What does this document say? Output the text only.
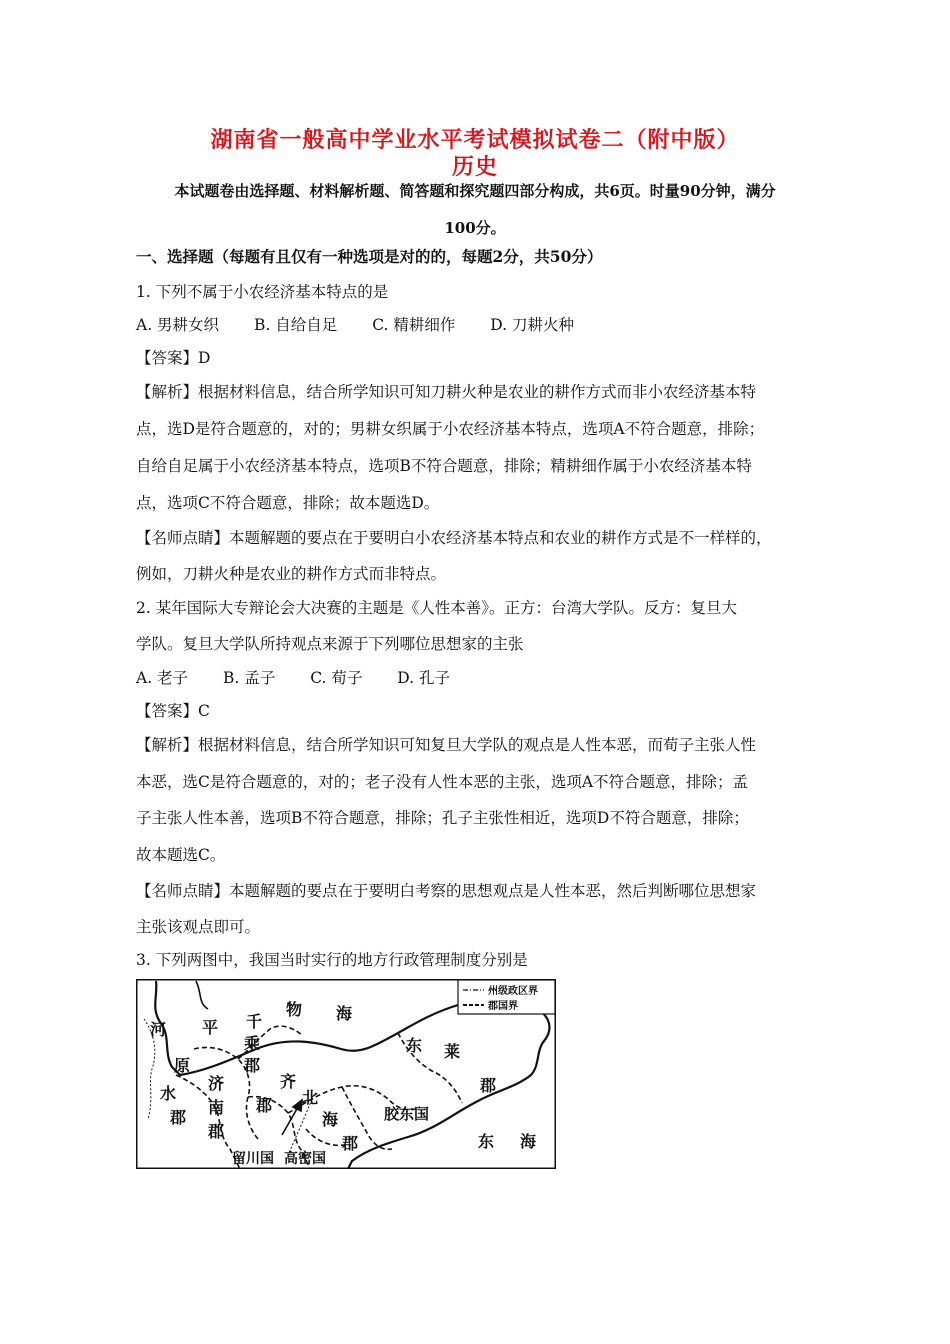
湖南省一般高中学业水平考试模拟试卷二（附中版）
历史
本试题卷由选择题、材料解析题、简答题和探究题四部分构成，共6页。时量90分钟，满分
100分。
一、选择题（每题有且仅有一种选项是对的的，每题2分，共50分）
1. 下列不属于小农经济基本特点的是
A. 男耕女织 B. 自给自足 C. 精耕细作 D. 刀耕火种
【答案】D
【解析】根据材料信息，结合所学知识可知刀耕火种是农业的耕作方式而非小农经济基本特
点，选D是符合题意的，对的；男耕女织属于小农经济基本特点，选项A不符合题意，排除；
自给自足属于小农经济基本特点，选项B不符合题意，排除；精耕细作属于小农经济基本特
点，选项C不符合题意，排除；故本题选D。
【名师点睛】本题解题的要点在于要明白小农经济基本特点和农业的耕作方式是不一样样的，
例如，刀耕火种是农业的耕作方式而非特点。
2. 某年国际大专辩论会大决赛的主题是《人性本善》。正方：台湾大学队。反方：复旦大
学队。复旦大学队所持观点来源于下列哪位思想家的主张
A. 老子 B. 孟子 C. 荀子 D. 孔子
【答案】C
【解析】根据材料信息，结合所学知识可知复旦大学队的观点是人性本恶，而荀子主张人性
本恶，选C是符合题意的，对的；老子没有人性本恶的主张，选项A不符合题意，排除；孟
子主张人性本善，选项B不符合题意，排除；孔子主张性相近，选项D不符合题意，排除；
故本题选C。
【名师点睛】本题解题的要点在于要明白考察的思想观点是人性本恶，然后判断哪位思想家
主张该观点即可。
3. 下列两图中，我国当时实行的地方行政管理制度分别是
州级政区界
郡国界
河 平 千
乘
郡
原
水
郡
济
南
郡
郡
齐
北
海
郡
胶东国
物 海
东 莱
郡
东 海
留川国 高密国
